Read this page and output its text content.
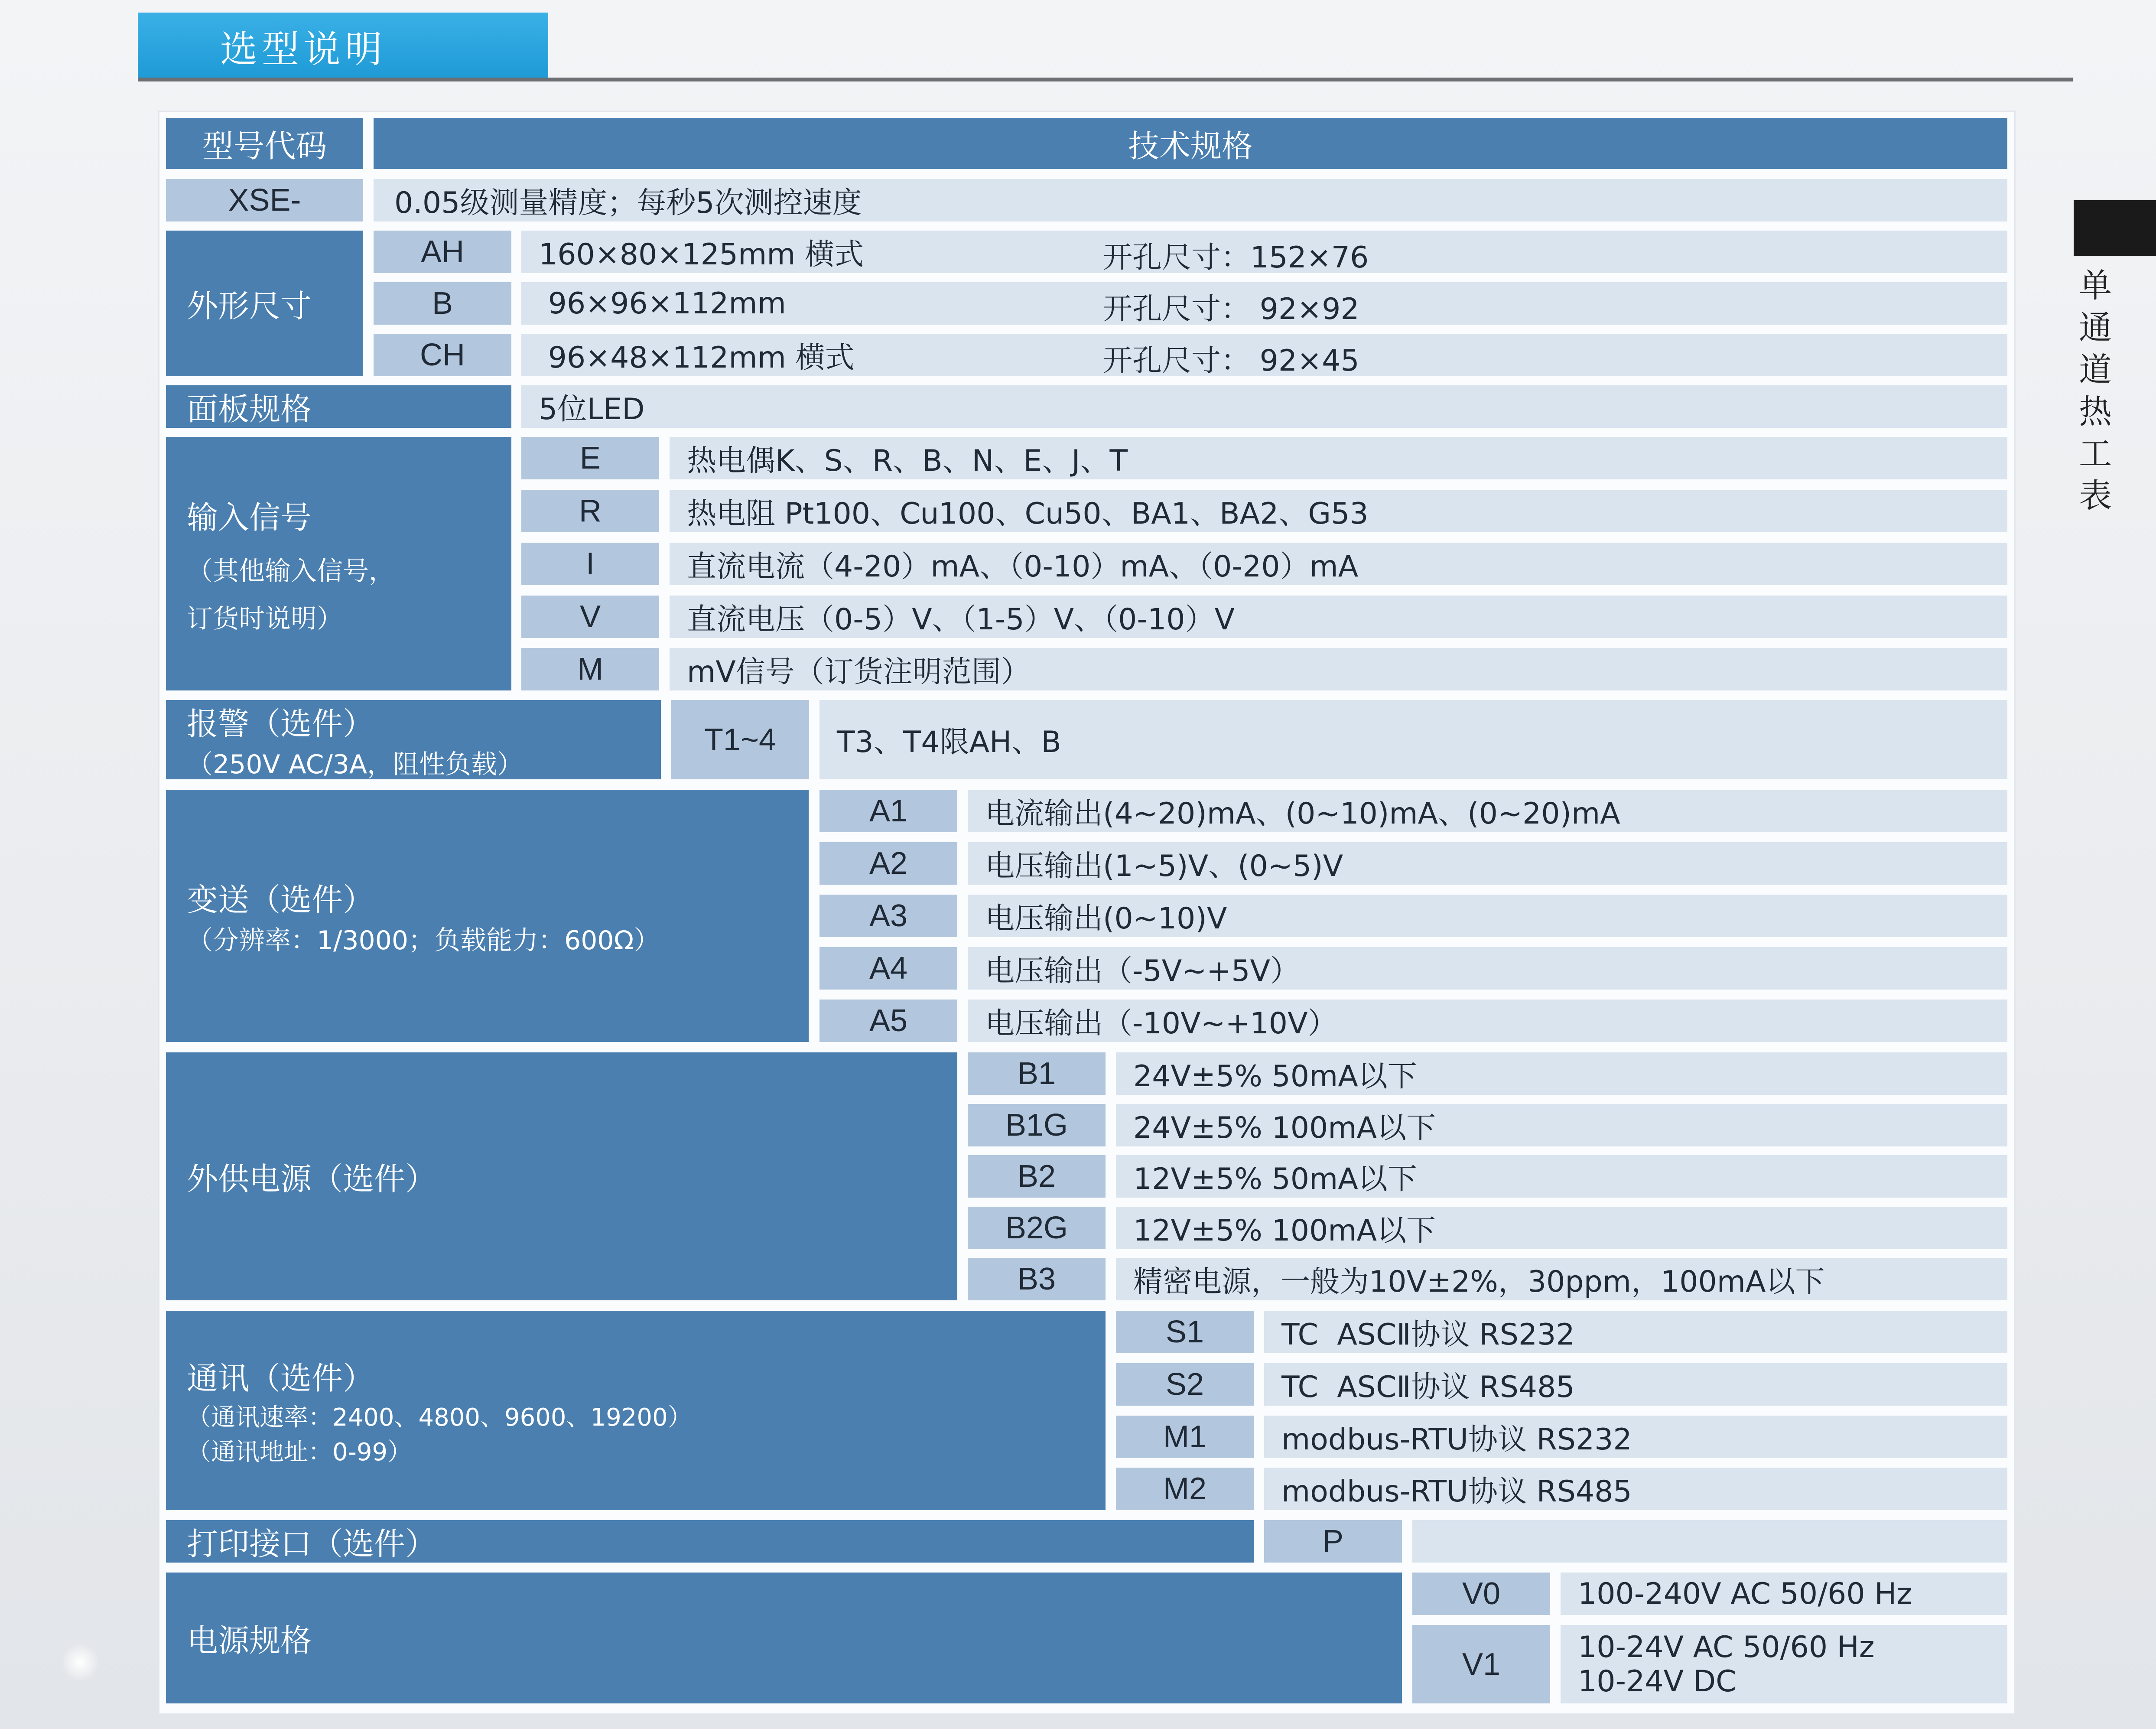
选型说明
单
通
道
热
工
表
型号代码	技术规格
XSE-	0.05级测量精度；每秒5次测控速度
外形尺寸
AH	160×80×125mm 横式	开孔尺寸：152×76
B	96×96×112mm	开孔尺寸： 92×92
CH	96×48×112mm 横式	开孔尺寸： 92×45
面板规格	5位LED
输入信号
（其他输入信号，
订货时说明）
E	热电偶K、S、R、B、N、E、J、T
R	热电阻 Pt100、Cu100、Cu50、BA1、BA2、G53
I	直流电流（4-20）mA、（0-10）mA、（0-20）mA
V	直流电压（0-5）V、（1-5）V、（0-10）V
M	mV信号（订货注明范围）
报警（选件）
（250V AC/3A，阻性负载）
T1~4	T3、T4限AH、B
变送（选件）
（分辨率：1/3000；负载能力：600Ω）
A1	电流输出(4~20)mA、(0~10)mA、(0~20)mA
A2	电压输出(1~5)V、(0~5)V
A3	电压输出(0~10)V
A4	电压输出（-5V~+5V）
A5	电压输出（-10V~+10V）
外供电源（选件）
B1	24V±5% 50mA以下
B1G	24V±5% 100mA以下
B2	12V±5% 50mA以下
B2G	12V±5% 100mA以下
B3	精密电源，一般为10V±2%，30ppm，100mA以下
通讯（选件）
（通讯速率：2400、4800、9600、19200）
（通讯地址：0-99）
S1	TC  ASCⅡ协议 RS232
S2	TC  ASCⅡ协议 RS485
M1	modbus-RTU协议 RS232
M2	modbus-RTU协议 RS485
打印接口（选件）	P
电源规格
V0	100-240V AC 50/60 Hz
V1	10-24V AC 50/60 Hz
10-24V DC
